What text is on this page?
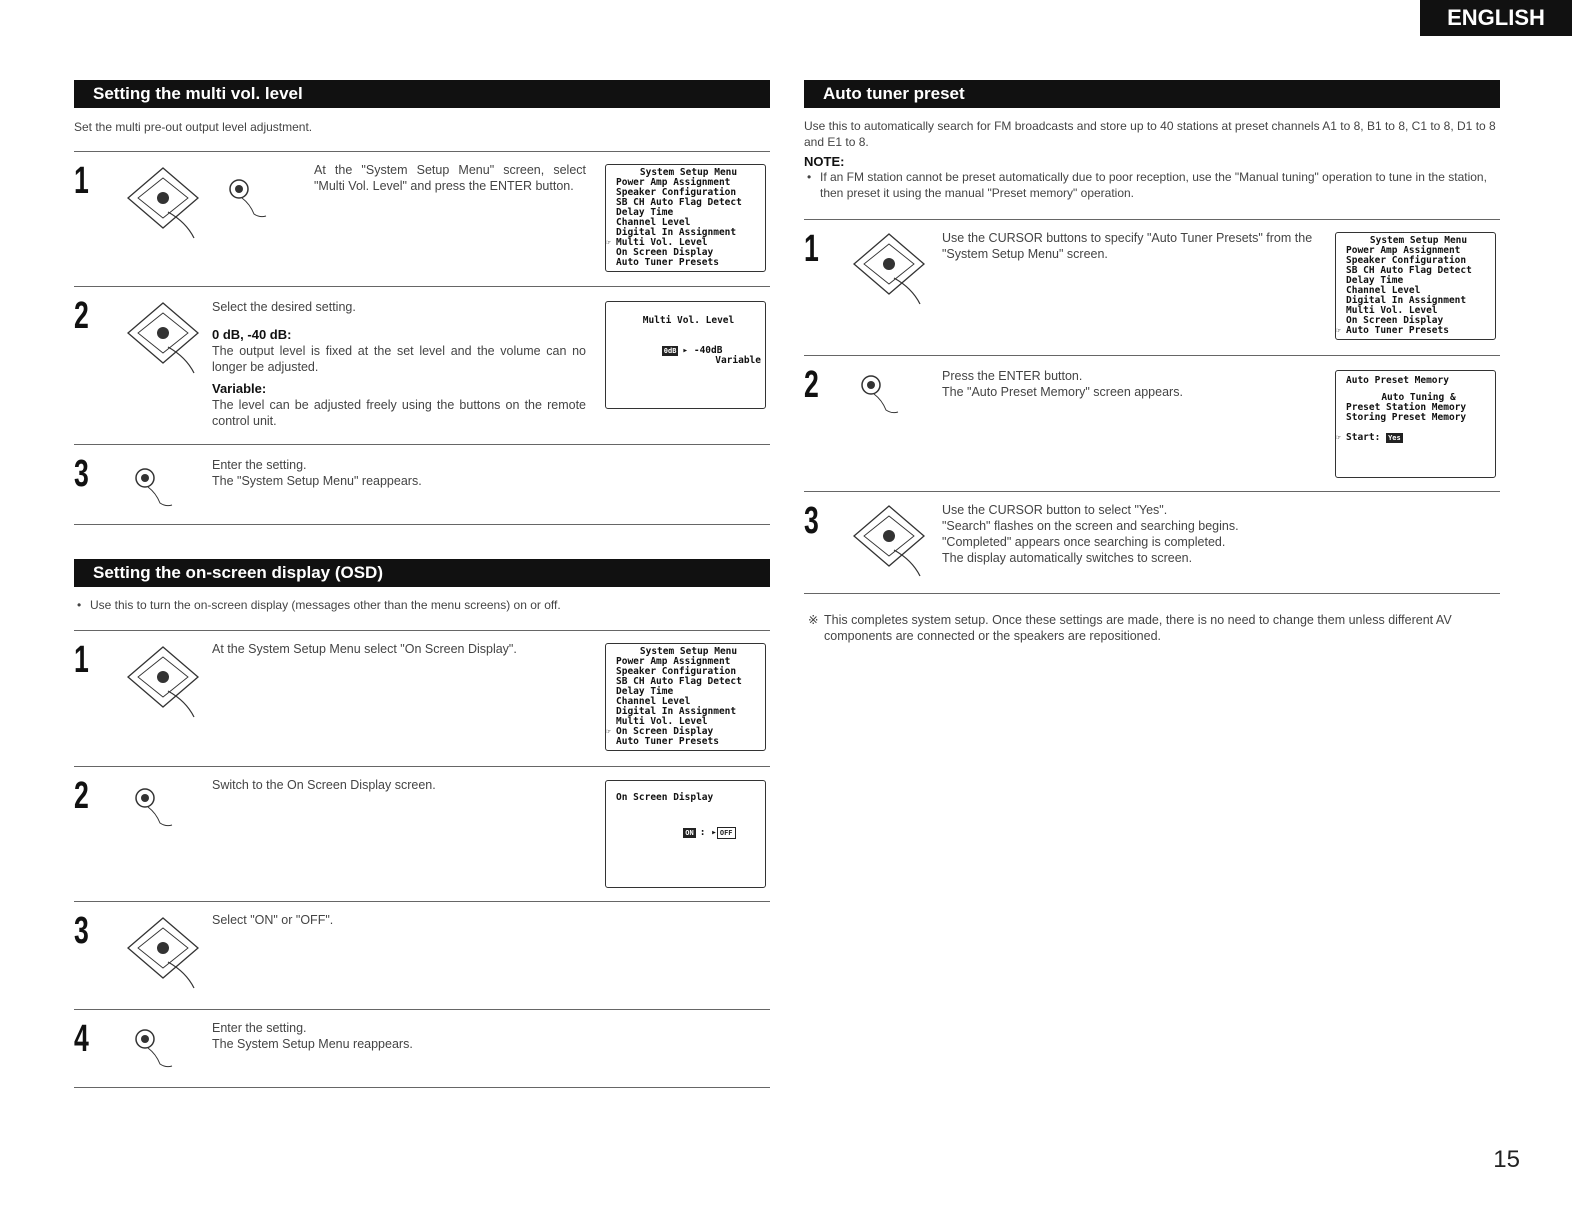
ENGLISH
15
Setting the multi vol. level
Set the multi pre-out output level adjustment.
1	At the "System Setup Menu" screen, select "Multi Vol. Level" and press the ENTER button.
System Setup Menu
Power Amp Assignment
Speaker Configuration
SB CH Auto Flag Detect
Delay Time
Channel Level
Digital In Assignment
☞ Multi Vol. Level
On Screen Display
Auto Tuner Presets
2	Select the desired setting.
0 dB, -40 dB:
The output level is fixed at the set level and the volume can no longer be adjusted.
Variable:
The level can be adjusted freely using the buttons on the remote control unit.
Multi Vol. Level

0dB ▸ -40dB

Variable

3	Enter the setting.
The "System Setup Menu" reappears.
Setting the on-screen display (OSD)
• Use this to turn the on-screen display (messages other than the menu screens) on or off.
1	At the System Setup Menu select "On Screen Display".	System Setup Menu
Power Amp Assignment
Speaker Configuration
SB CH Auto Flag Detect
Delay Time
Channel Level
Digital In Assignment
Multi Vol. Level
☞ On Screen Display
Auto Tuner Presets
2	Switch to the On Screen Display screen.
On Screen Display

ON : ▸ OFF

3	Select "ON" or "OFF".
4	Enter the setting.
The System Setup Menu reappears.
Auto tuner preset
Use this to automatically search for FM broadcasts and store up to 40 stations at preset channels A1 to 8, B1 to 8, C1 to 8, D1 to 8 and E1 to 8.
NOTE:
• If an FM station cannot be preset automatically due to poor reception, use the "Manual tuning" operation to tune in the station, then preset it using the manual "Preset memory" operation.
1	Use the CURSOR buttons to specify "Auto Tuner Presets" from the "System Setup Menu" screen.
System Setup Menu
Power Amp Assignment
Speaker Configuration
SB CH Auto Flag Detect
Delay Time
Channel Level
Digital In Assignment
Multi Vol. Level
On Screen Display
☞ Auto Tuner Presets
2	Press the ENTER button.
The "Auto Preset Memory" screen appears.
Auto Preset Memory
Auto Tuning &
Preset Station Memory
Storing Preset Memory
☞ Start: Yes
3	Use the CURSOR button to select "Yes".
"Search" flashes on the screen and searching begins.
"Completed" appears once searching is completed.
The display automatically switches to screen.
※ This completes system setup. Once these settings are made, there is no need to change them unless different AV components are connected or the speakers are repositioned.
